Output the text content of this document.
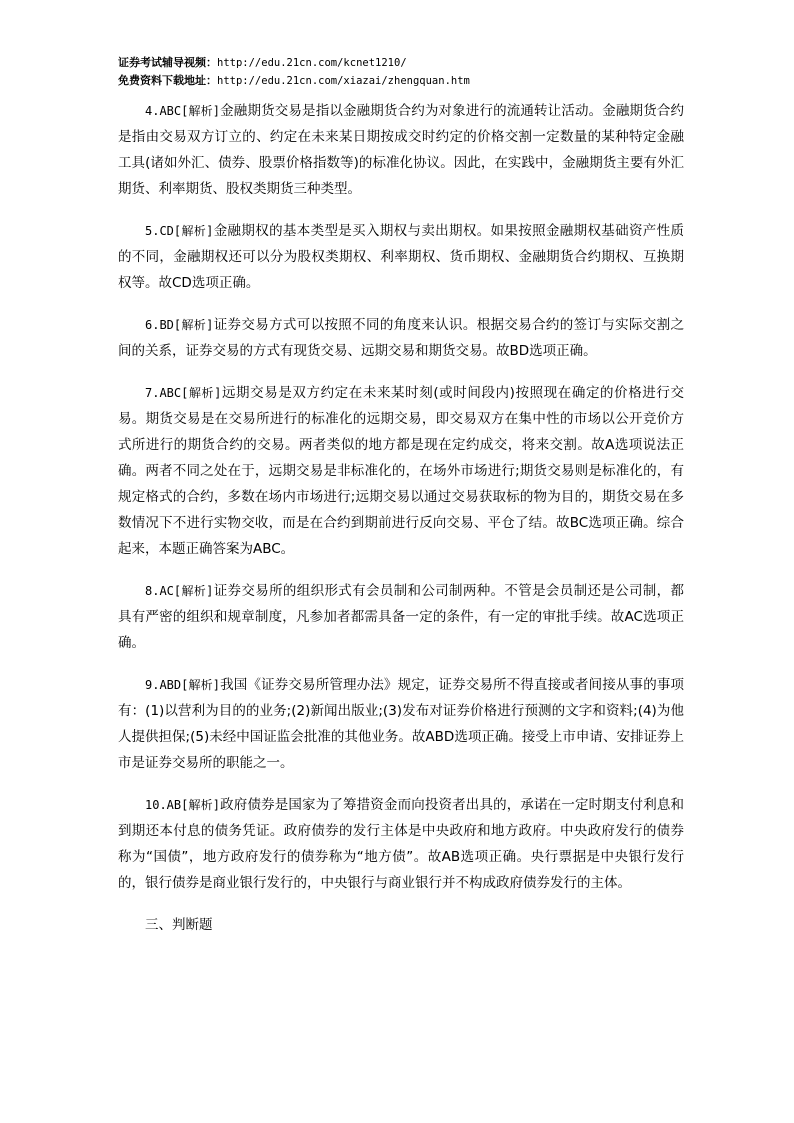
证券考试辅导视频：http://edu.21cn.com/kcnet1210/
免费资料下载地址：http://edu.21cn.com/xiazai/zhengquan.htm

4.ABC[解析]金融期货交易是指以金融期货合约为对象进行的流通转让活动。金融期货合约是指由交易双方订立的、约定在未来某日期按成交时约定的价格交割一定数量的某种特定金融工具(诸如外汇、债券、股票价格指数等)的标准化协议。因此，在实践中，金融期货主要有外汇期货、利率期货、股权类期货三种类型。

5.CD[解析]金融期权的基本类型是买入期权与卖出期权。如果按照金融期权基础资产性质的不同，金融期权还可以分为股权类期权、利率期权、货币期权、金融期货合约期权、互换期权等。故CD选项正确。

6.BD[解析]证券交易方式可以按照不同的角度来认识。根据交易合约的签订与实际交割之间的关系，证券交易的方式有现货交易、远期交易和期货交易。故BD选项正确。

7.ABC[解析]远期交易是双方约定在未来某时刻(或时间段内)按照现在确定的价格进行交易。期货交易是在交易所进行的标准化的远期交易，即交易双方在集中性的市场以公开竞价方式所进行的期货合约的交易。两者类似的地方都是现在定约成交，将来交割。故A选项说法正确。两者不同之处在于，远期交易是非标准化的，在场外市场进行;期货交易则是标准化的，有规定格式的合约，多数在场内市场进行;远期交易以通过交易获取标的物为目的，期货交易在多数情况下不进行实物交收，而是在合约到期前进行反向交易、平仓了结。故BC选项正确。综合起来，本题正确答案为ABC。

8.AC[解析]证券交易所的组织形式有会员制和公司制两种。不管是会员制还是公司制，都具有严密的组织和规章制度，凡参加者都需具备一定的条件，有一定的审批手续。故AC选项正确。

9.ABD[解析]我国《证券交易所管理办法》规定，证券交易所不得直接或者间接从事的事项有：(1)以营利为目的的业务;(2)新闻出版业;(3)发布对证券价格进行预测的文字和资料;(4)为他人提供担保;(5)未经中国证监会批准的其他业务。故ABD选项正确。接受上市申请、安排证券上市是证券交易所的职能之一。

10.AB[解析]政府债券是国家为了筹措资金而向投资者出具的，承诺在一定时期支付利息和到期还本付息的债务凭证。政府债券的发行主体是中央政府和地方政府。中央政府发行的债券称为“国债”，地方政府发行的债券称为“地方债”。故AB选项正确。央行票据是中央银行发行的，银行债券是商业银行发行的，中央银行与商业银行并不构成政府债券发行的主体。

三、判断题
